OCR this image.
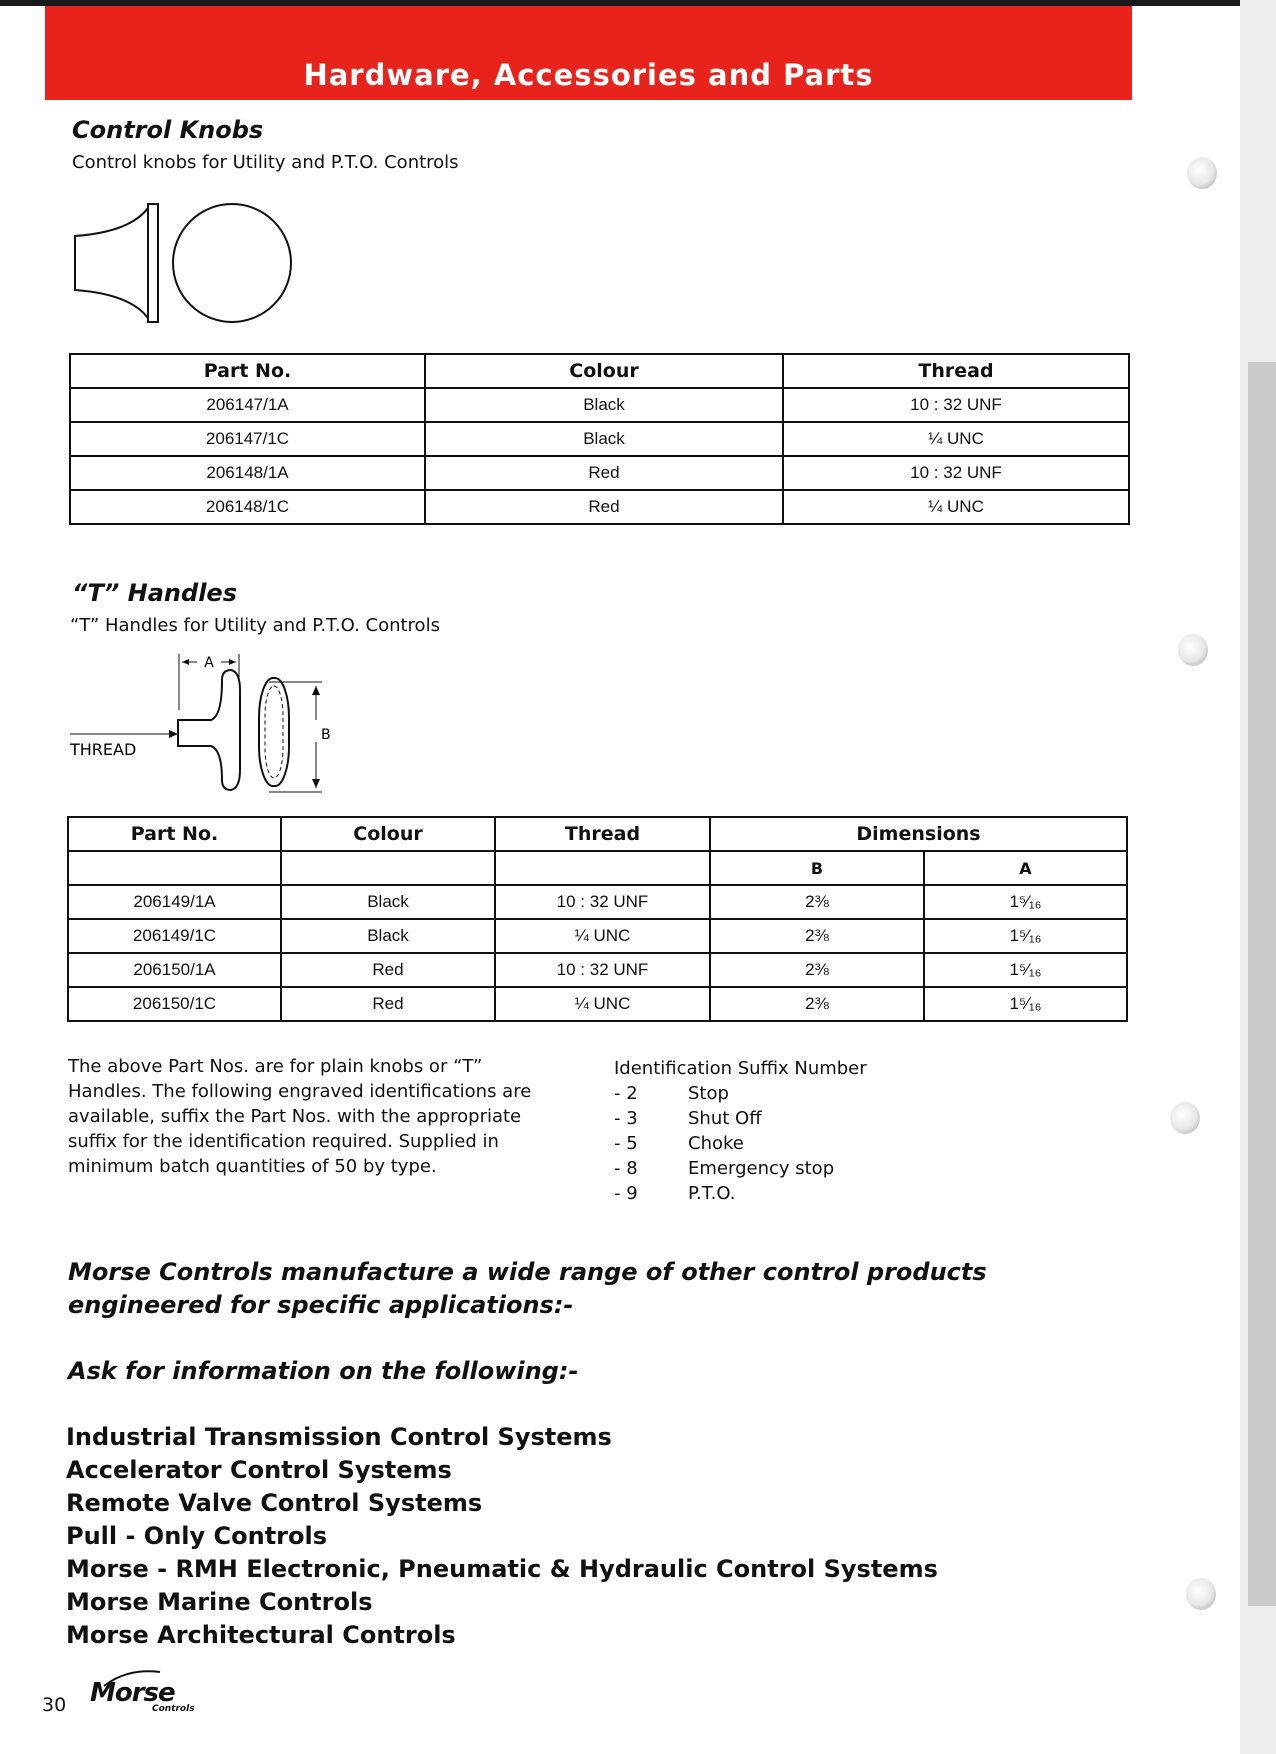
Hardware, Accessories and Parts
Control Knobs
Control knobs for Utility and P.T.O. Controls
Part No.	Colour	Thread
206147/1A	Black	10 : 32 UNF
206147/1C	Black	¼ UNC
206148/1A	Red	10 : 32 UNF
206148/1C	Red	¼ UNC
“T” Handles
“T” Handles for Utility and P.T.O. Controls
A
THREAD
B
Part No.	Colour	Thread	Dimensions	
			B	A
206149/1A	Black	10 : 32 UNF	2⅜	1⁵⁄₁₆
206149/1C	Black	¼ UNC	2⅜	1⁵⁄₁₆
206150/1A	Red	10 : 32 UNF	2⅜	1⁵⁄₁₆
206150/1C	Red	¼ UNC	2⅜	1⁵⁄₁₆
The above Part Nos. are for plain knobs or “T”
Handles. The following engraved identifications are
available, suffix the Part Nos. with the appropriate
suffix for the identification required. Supplied in
minimum batch quantities of 50 by type.
Identification Suffix Number
- 2	Stop
- 3	Shut Off
- 5	Choke
- 8	Emergency stop
- 9	P.T.O.
Morse Controls manufacture a wide range of other control products
engineered for specific applications:-
Ask for information on the following:-
Industrial Transmission Control Systems
Accelerator Control Systems
Remote Valve Control Systems
Pull - Only Controls
Morse - RMH Electronic, Pneumatic & Hydraulic Control Systems
Morse Marine Controls
Morse Architectural Controls
30 Morse
Controls
